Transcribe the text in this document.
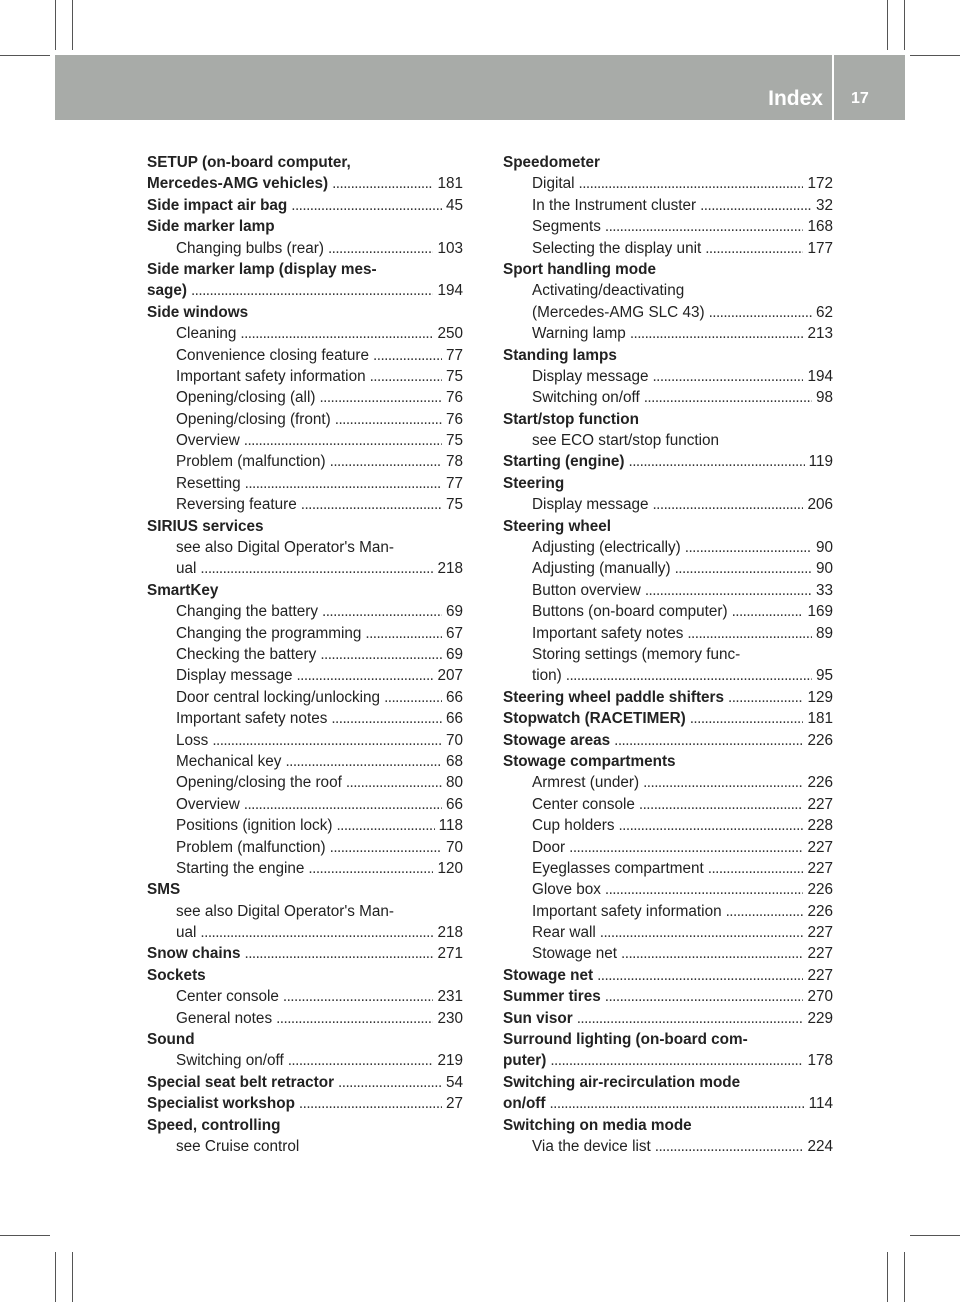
Index 17
SETUP (on-board computer,
Mercedes-AMG vehicles) . . .	181
Side impact air bag . . .	45
Side marker lamp
Changing bulbs (rear) . . .	103
Side marker lamp (display mes-
sage) . . .	194
Side windows
Cleaning . . .	250
Convenience closing feature . . .	77
Important safety information . . .	75
Opening/closing (all) . . .	76
Opening/closing (front) . . .	76
Overview . . .	75
Problem (malfunction) . . .	78
Resetting . . .	77
Reversing feature . . .	75
SIRIUS services
see also Digital Operator's Man-
ual . . .	218
SmartKey
Changing the battery . . .	69
Changing the programming . . .	67
Checking the battery . . .	69
Display message . . .	207
Door central locking/unlocking . . .	66
Important safety notes . . .	66
Loss . . .	70
Mechanical key . . .	68
Opening/closing the roof . . .	80
Overview . . .	66
Positions (ignition lock) . . .	118
Problem (malfunction) . . .	70
Starting the engine . . .	120
SMS
see also Digital Operator's Man-
ual . . .	218
Snow chains . . .	271
Sockets
Center console . . .	231
General notes . . .	230
Sound
Switching on/off . . .	219
Special seat belt retractor . . .	54
Specialist workshop . . .	27
Speed, controlling
see Cruise control
Speedometer
Digital . . .	172
In the Instrument cluster . . .	32
Segments . . .	168
Selecting the display unit . . .	177
Sport handling mode
Activating/deactivating
(Mercedes-AMG SLC 43) . . .	62
Warning lamp . . .	213
Standing lamps
Display message . . .	194
Switching on/off . . .	98
Start/stop function
see ECO start/stop function
Starting (engine) . . .	119
Steering
Display message . . .	206
Steering wheel
Adjusting (electrically) . . .	90
Adjusting (manually) . . .	90
Button overview . . .	33
Buttons (on-board computer) . . .	169
Important safety notes . . .	89
Storing settings (memory func-
tion) . . .	95
Steering wheel paddle shifters . . .	129
Stopwatch (RACETIMER) . . .	181
Stowage areas . . .	226
Stowage compartments
Armrest (under) . . .	226
Center console . . .	227
Cup holders . . .	228
Door . . .	227
Eyeglasses compartment . . .	227
Glove box . . .	226
Important safety information . . .	226
Rear wall . . .	227
Stowage net . . .	227
Stowage net . . .	227
Summer tires . . .	270
Sun visor . . .	229
Surround lighting (on-board com-
puter) . . .	178
Switching air-recirculation mode
on/off . . .	114
Switching on media mode
Via the device list . . .	224
